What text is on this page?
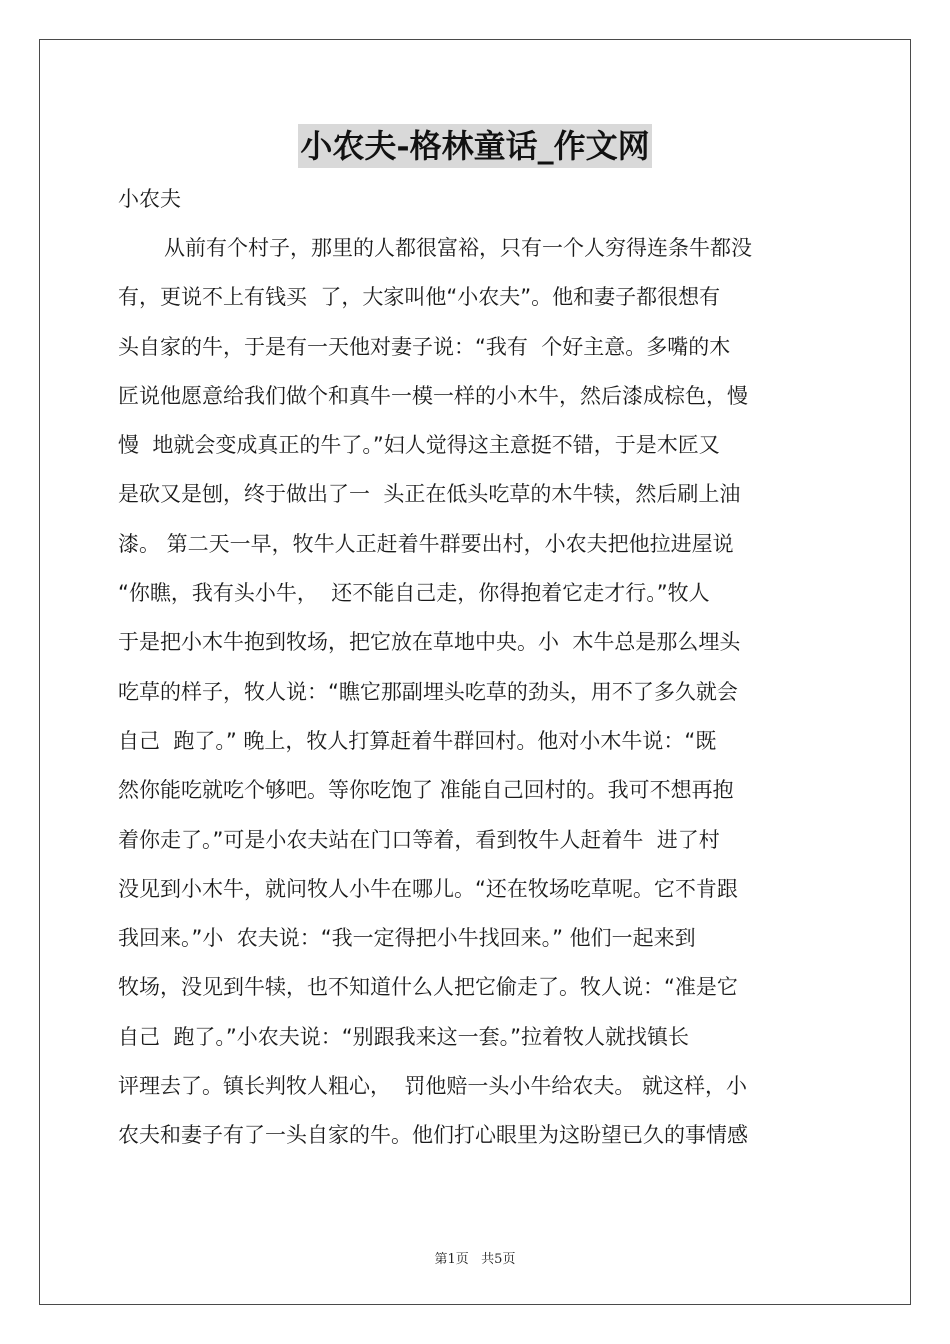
小农夫-格林童话_作文网
小农夫
从前有个村子，那里的人都很富裕，只有一个人穷得连条牛都没
有，更说不上有钱买  了，大家叫他“小农夫”。他和妻子都很想有
头自家的牛，于是有一天他对妻子说：“我有  个好主意。多嘴的木
匠说他愿意给我们做个和真牛一模一样的小木牛，然后漆成棕色，慢
慢  地就会变成真正的牛了。”妇人觉得这主意挺不错，于是木匠又
是砍又是刨，终于做出了一  头正在低头吃草的木牛犊，然后刷上油
漆。 第二天一早，牧牛人正赶着牛群要出村，小农夫把他拉进屋说
“你瞧，我有头小牛，  还不能自己走，你得抱着它走才行。”牧人
于是把小木牛抱到牧场，把它放在草地中央。小  木牛总是那么埋头
吃草的样子，牧人说：“瞧它那副埋头吃草的劲头，用不了多久就会
自己  跑了。” 晚上，牧人打算赶着牛群回村。他对小木牛说：“既
然你能吃就吃个够吧。等你吃饱了 准能自己回村的。我可不想再抱
着你走了。”可是小农夫站在门口等着，看到牧牛人赶着牛  进了村
没见到小木牛，就问牧人小牛在哪儿。“还在牧场吃草呢。它不肯跟
我回来。”小  农夫说：“我一定得把小牛找回来。” 他们一起来到
牧场，没见到牛犊，也不知道什么人把它偷走了。牧人说：“准是它
自己  跑了。”小农夫说：“别跟我来这一套。”拉着牧人就找镇长
评理去了。镇长判牧人粗心，  罚他赔一头小牛给农夫。 就这样，小
农夫和妻子有了一头自家的牛。他们打心眼里为这盼望已久的事情感
第1页   共5页
